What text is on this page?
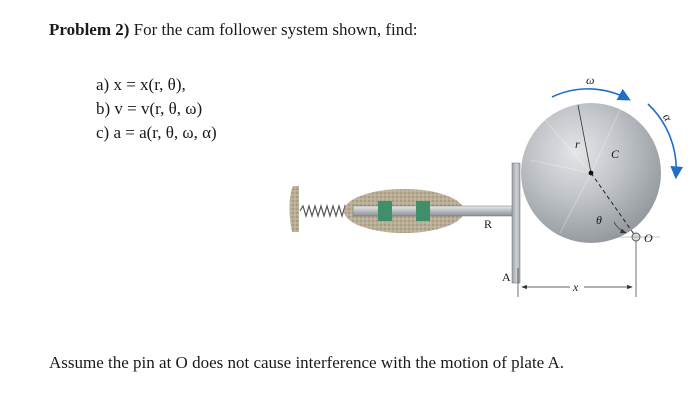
Problem 2) For the cam follower system shown, find:
a) x = x(r, θ),
b) v = v(r, θ, ω)
c) a = a(r, θ, ω, α)
ω
α
r
C
θ
O
R
A
x
Assume the pin at O does not cause interference with the motion of plate A.
